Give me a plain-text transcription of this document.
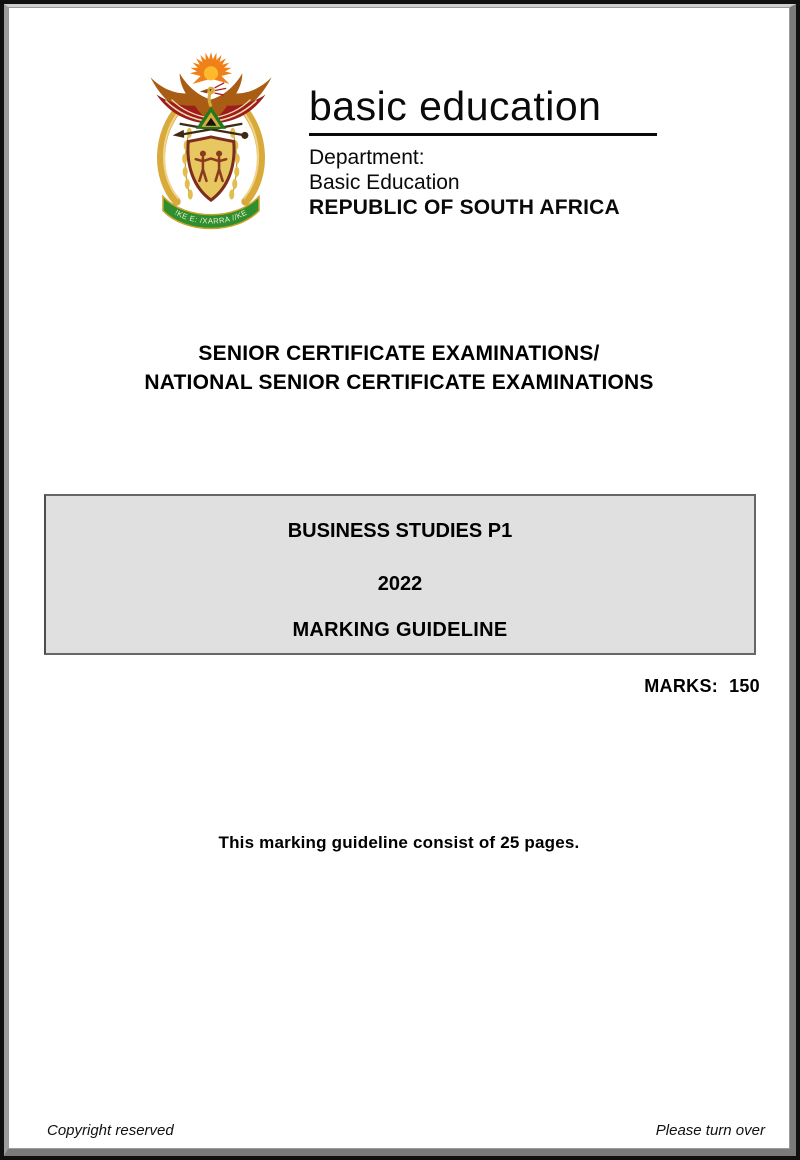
!KE E: /XARRA //KE
basic education
Department:
Basic Education
REPUBLIC OF SOUTH AFRICA
SENIOR CERTIFICATE EXAMINATIONS/
NATIONAL SENIOR CERTIFICATE EXAMINATIONS
BUSINESS STUDIES P1
2022
MARKING GUIDELINE
MARKS: 150
This marking guideline consist of 25 pages.
Copyright reserved	Please turn over
